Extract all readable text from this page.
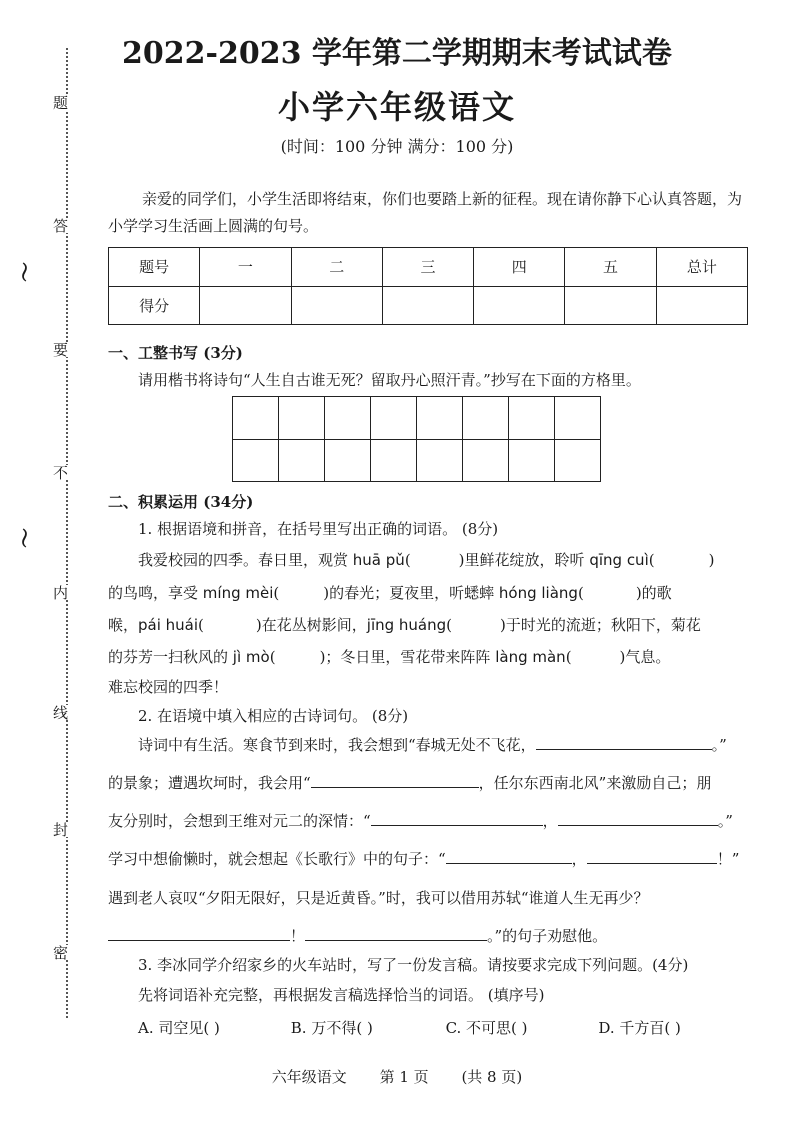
题
答
要
不
内
线
封
密
〜
〜
2022-2023 学年第二学期期末考试试卷
小学六年级语文
(时间：100 分钟 满分：100 分)
亲爱的同学们，小学生活即将结束，你们也要踏上新的征程。现在请你静下心认真答题，为小学学习生活画上圆满的句号。
题号	一	二	三	四	五	总计
得分						
一、工整书写 (3分)
请用楷书将诗句“人生自古谁无死？留取丹心照汗青。”抄写在下面的方格里。

二、积累运用 (34分)
1. 根据语境和拼音，在括号里写出正确的词语。 (8分)
我爱校园的四季。春日里，观赏 huā pǔ(	)里鲜花绽放，聆听 qīng cuì(	)
的鸟鸣，享受 míng mèi(	)的春光；夏夜里，听蟋蟀 hóng liàng(	)的歌
喉，pái huái(	)在花丛树影间，jīng huáng(	)于时光的流逝；秋阳下，菊花
的芬芳一扫秋风的 jì mò(	)；冬日里，雪花带来阵阵 làng màn(	)气息。
难忘校园的四季！
2. 在语境中填入相应的古诗词句。 (8分)
诗词中有生活。寒食节到来时，我会想到“春城无处不飞花，	。”
的景象；遭遇坎坷时，我会用“	，任尔东西南北风”来激励自己；朋
友分别时，会想到王维对元二的深情：“	，	。”
学习中想偷懒时，就会想起《长歌行》中的句子：“	，	！”
遇到老人哀叹“夕阳无限好，只是近黄昏。”时，我可以借用苏轼“谁道人生无再少？
！	。”的句子劝慰他。
3. 李冰同学介绍家乡的火车站时，写了一份发言稿。请按要求完成下列问题。(4分)
先将词语补充完整，再根据发言稿选择恰当的词语。 (填序号)
A. 司空见( )	B. 万不得( )	C. 不可思( )	D. 千方百( )
六年级语文 第 1 页 (共 8 页)
